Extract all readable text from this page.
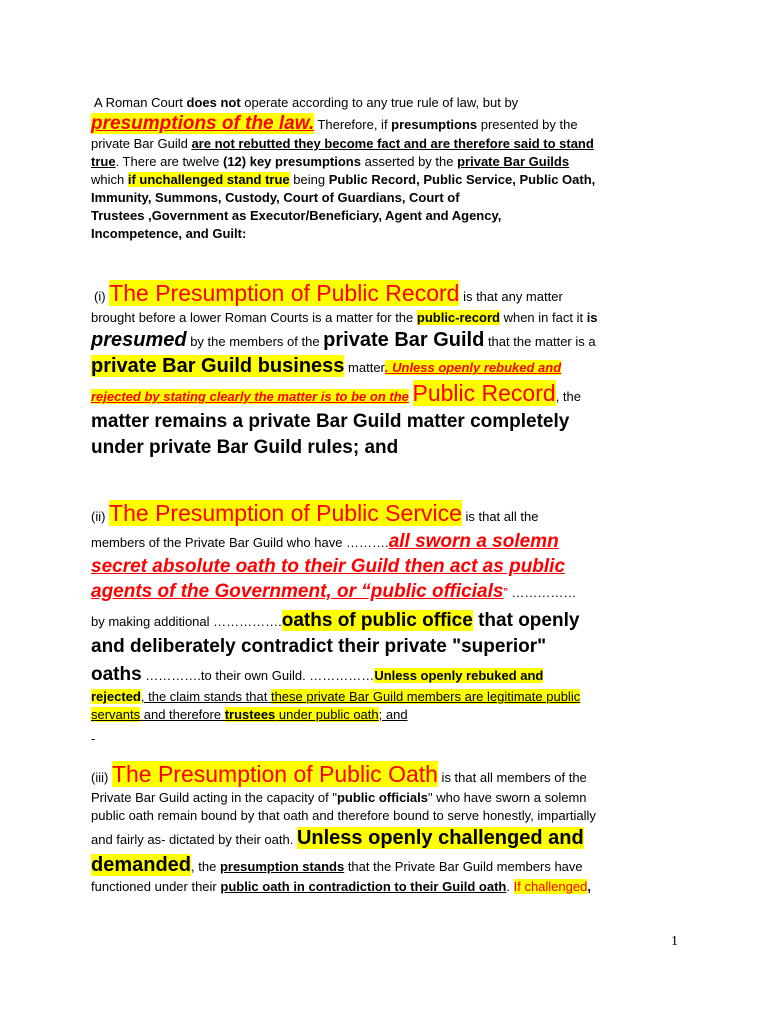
A Roman Court does not operate according to any true rule of law, but by
presumptions of the law. Therefore, if presumptions presented by the
private Bar Guild are not rebutted they become fact and are therefore said to stand
true. There are twelve (12) key presumptions asserted by the private Bar Guilds
which if unchallenged stand true being Public Record, Public Service, Public Oath,
Immunity, Summons, Custody, Court of Guardians, Court of
Trustees ,Government as Executor/Beneficiary, Agent and Agency,
Incompetence, and Guilt:
(i) The Presumption of Public Record is that any matter
brought before a lower Roman Courts is a matter for the public-record when in fact it is
presumed by the members of the private Bar Guild that the matter is a
private Bar Guild business matter. Unless openly rebuked and
rejected by stating clearly the matter is to be on the Public Record, the
matter remains a private Bar Guild matter completely
under private Bar Guild rules; and
(ii) The Presumption of Public Service is that all the
members of the Private Bar Guild who have ……….all sworn a solemn
secret absolute oath to their Guild then act as public
agents of the Government, or “public officials” ……………
by making additional …………….oaths of public office that openly
and deliberately contradict their private "superior"
oaths ………….to their own Guild. ……………Unless openly rebuked and
rejected, the claim stands that these private Bar Guild members are legitimate public
servants and therefore trustees under public oath; and
-
(iii) The Presumption of Public Oath is that all members of the
Private Bar Guild acting in the capacity of "public officials" who have sworn a solemn
public oath remain bound by that oath and therefore bound to serve honestly, impartially
and fairly as- dictated by their oath. Unless openly challenged and
demanded, the presumption stands that the Private Bar Guild members have
functioned under their public oath in contradiction to their Guild oath. If challenged,
1
